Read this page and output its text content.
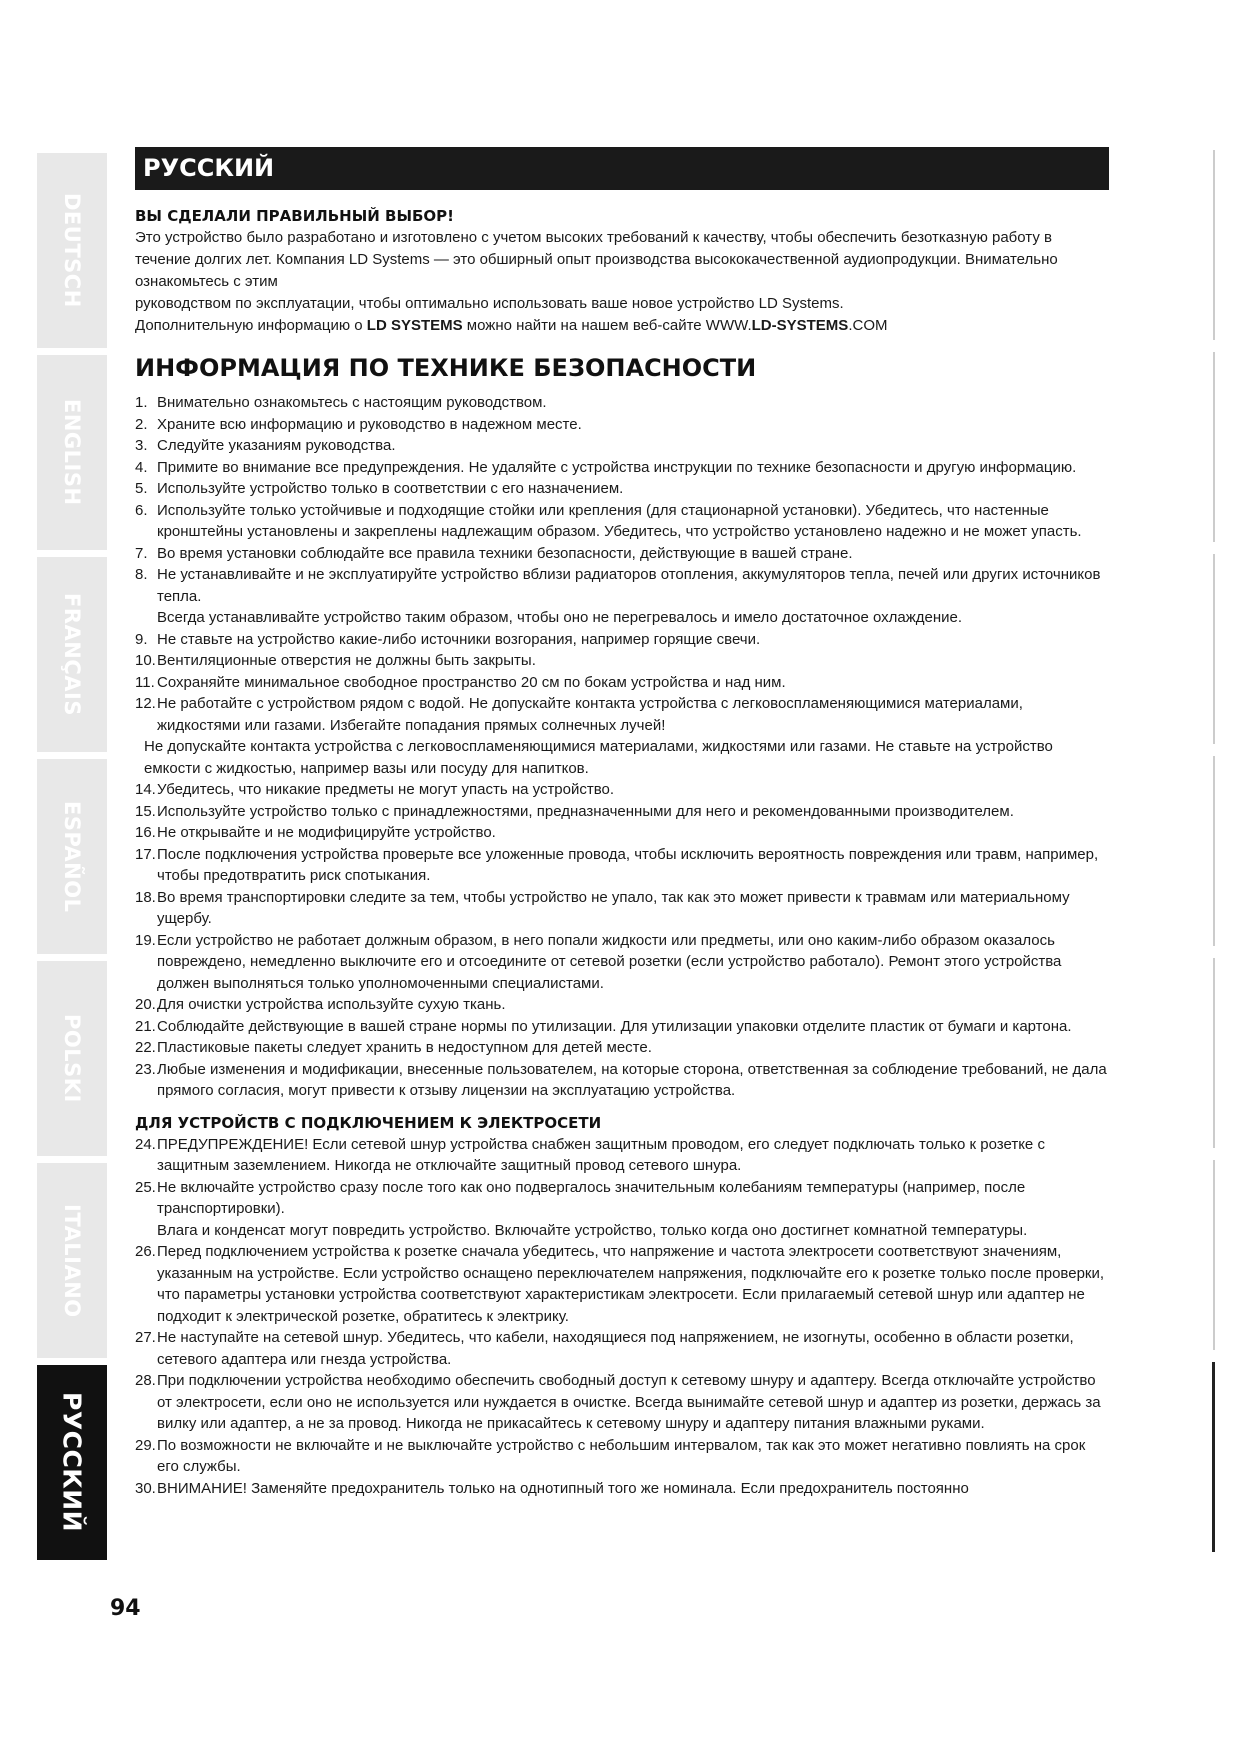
DEUTSCH
ENGLISH
FRANÇAIS
ESPAÑOL
POLSKI
ITALIANO
РУССКИЙ
РУССКИЙ
ВЫ СДЕЛАЛИ ПРАВИЛЬНЫЙ ВЫБОР!

Это устройство было разработано и изготовлено с учетом высоких требований к качеству, чтобы обеспечить безотказную работу в течение долгих лет. Компания LD Systems — это обширный опыт производства высококачественной аудиопродукции. Внимательно ознакомьтесь с этим

руководством по эксплуатации, чтобы оптимально использовать ваше новое устройство LD Systems.

Дополнительную информацию о LD SYSTEMS можно найти на нашем веб-сайте WWW.LD-SYSTEMS.COM

ИНФОРМАЦИЯ ПО ТЕХНИКЕ БЕЗОПАСНОСТИ
1. Внимательно ознакомьтесь с настоящим руководством.
2. Храните всю информацию и руководство в надежном месте.
3. Следуйте указаниям руководства.
4. Примите во внимание все предупреждения. Не удаляйте с устройства инструкции по технике безопасности и другую информацию.
5. Используйте устройство только в соответствии с его назначением.
6. Используйте только устойчивые и подходящие стойки или крепления (для стационарной установки). Убедитесь, что настенные кронштейны установлены и закреплены надлежащим образом. Убедитесь, что устройство установлено надежно и не может упасть.
7. Во время установки соблюдайте все правила техники безопасности, действующие в вашей стране.
8. Не устанавливайте и не эксплуатируйте устройство вблизи радиаторов отопления, аккумуляторов тепла, печей или других источников тепла.
Всегда устанавливайте устройство таким образом, чтобы оно не перегревалось и имело достаточное охлаждение.
9. Не ставьте на устройство какие-либо источники возгорания, например горящие свечи.
10. Вентиляционные отверстия не должны быть закрыты.
11. Сохраняйте минимальное свободное пространство 20 см по бокам устройства и над ним.
12. Не работайте с устройством рядом с водой. Не допускайте контакта устройства с легковоспламеняющимися материалами, жидкостями или газами. Избегайте попадания прямых солнечных лучей!
Не допускайте контакта устройства с легковоспламеняющимися материалами, жидкостями или газами. Не ставьте на устройство емкости с жидкостью, например вазы или посуду для напитков.
14. Убедитесь, что никакие предметы не могут упасть на устройство.
15. Используйте устройство только с принадлежностями, предназначенными для него и рекомендованными производителем.
16. Не открывайте и не модифицируйте устройство.
17. После подключения устройства проверьте все уложенные провода, чтобы исключить вероятность повреждения или травм, например, чтобы предотвратить риск спотыкания.
18. Во время транспортировки следите за тем, чтобы устройство не упало, так как это может привести к травмам или материальному ущербу.
19. Если устройство не работает должным образом, в него попали жидкости или предметы, или оно каким-либо образом оказалось повреждено, немедленно выключите его и отсоедините от сетевой розетки (если устройство работало). Ремонт этого устройства должен выполняться только уполномоченными специалистами.
20. Для очистки устройства используйте сухую ткань.
21. Соблюдайте действующие в вашей стране нормы по утилизации. Для утилизации упаковки отделите пластик от бумаги и картона.
22. Пластиковые пакеты следует хранить в недоступном для детей месте.
23. Любые изменения и модификации, внесенные пользователем, на которые сторона, ответственная за соблюдение требований, не дала прямого согласия, могут привести к отзыву лицензии на эксплуатацию устройства.
ДЛЯ УСТРОЙСТВ С ПОДКЛЮЧЕНИЕМ К ЭЛЕКТРОСЕТИ
24. ПРЕДУПРЕЖДЕНИЕ! Если сетевой шнур устройства снабжен защитным проводом, его следует подключать только к розетке с защитным заземлением. Никогда не отключайте защитный провод сетевого шнура.
25. Не включайте устройство сразу после того как оно подвергалось значительным колебаниям температуры (например, после транспортировки).
Влага и конденсат могут повредить устройство. Включайте устройство, только когда оно достигнет комнатной температуры.
26. Перед подключением устройства к розетке сначала убедитесь, что напряжение и частота электросети соответствуют значениям, указанным на устройстве. Если устройство оснащено переключателем напряжения, подключайте его к розетке только после проверки, что параметры установки устройства соответствуют характеристикам электросети. Если прилагаемый сетевой шнур или адаптер не подходит к электрической розетке, обратитесь к электрику.
27. Не наступайте на сетевой шнур. Убедитесь, что кабели, находящиеся под напряжением, не изогнуты, особенно в области розетки, сетевого адаптера или гнезда устройства.
28. При подключении устройства необходимо обеспечить свободный доступ к сетевому шнуру и адаптеру. Всегда отключайте устройство от электросети, если оно не используется или нуждается в очистке. Всегда вынимайте сетевой шнур и адаптер из розетки, держась за вилку или адаптер, а не за провод. Никогда не прикасайтесь к сетевому шнуру и адаптеру питания влажными руками.
29. По возможности не включайте и не выключайте устройство с небольшим интервалом, так как это может негативно повлиять на срок его службы.
30. ВНИМАНИЕ! Заменяйте предохранитель только на однотипный того же номинала. Если предохранитель постоянно
94
